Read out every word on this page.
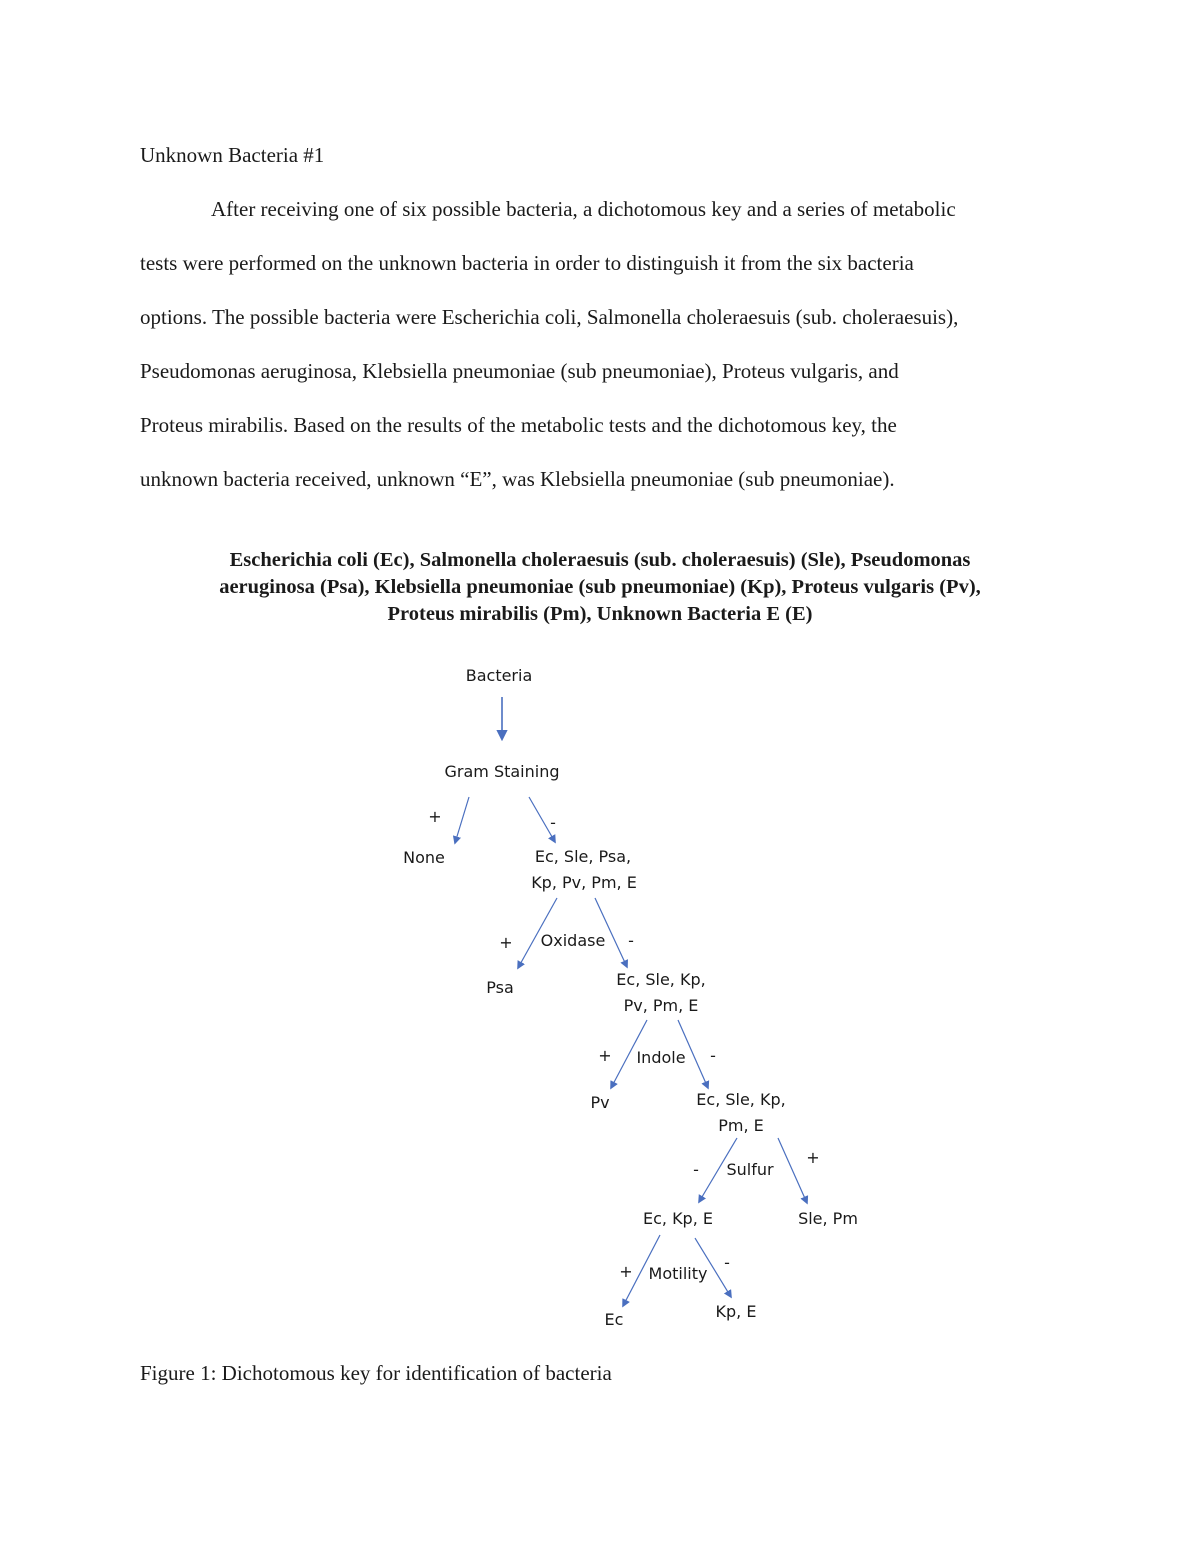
Unknown Bacteria #1
After receiving one of six possible bacteria, a dichotomous key and a series of metabolic
tests were performed on the unknown bacteria in order to distinguish it from the six bacteria
options. The possible bacteria were Escherichia coli, Salmonella choleraesuis (sub. choleraesuis),
Pseudomonas aeruginosa, Klebsiella pneumoniae (sub pneumoniae), Proteus vulgaris, and
Proteus mirabilis. Based on the results of the metabolic tests and the dichotomous key, the
unknown bacteria received, unknown “E”, was Klebsiella pneumoniae (sub pneumoniae).
Escherichia coli (Ec), Salmonella choleraesuis (sub. choleraesuis) (Sle), Pseudomonas
aeruginosa (Psa), Klebsiella pneumoniae (sub pneumoniae) (Kp), Proteus vulgaris (Pv),
Proteus mirabilis (Pm), Unknown Bacteria E (E)
Bacteria
Gram Staining
Oxidase
Indole
Sulfur
Motility
None	Ec, Sle, Psa,
Kp, Pv, Pm, E
Psa	Ec, Sle, Kp,
Pv, Pm, E
Pv	Ec, Sle, Kp,
Pm, E
Ec, Kp, E	Sle, Pm
Ec	Kp, E
+	-
+	-
+	-
-
+
+	-
Figure 1: Dichotomous key for identification of bacteria
